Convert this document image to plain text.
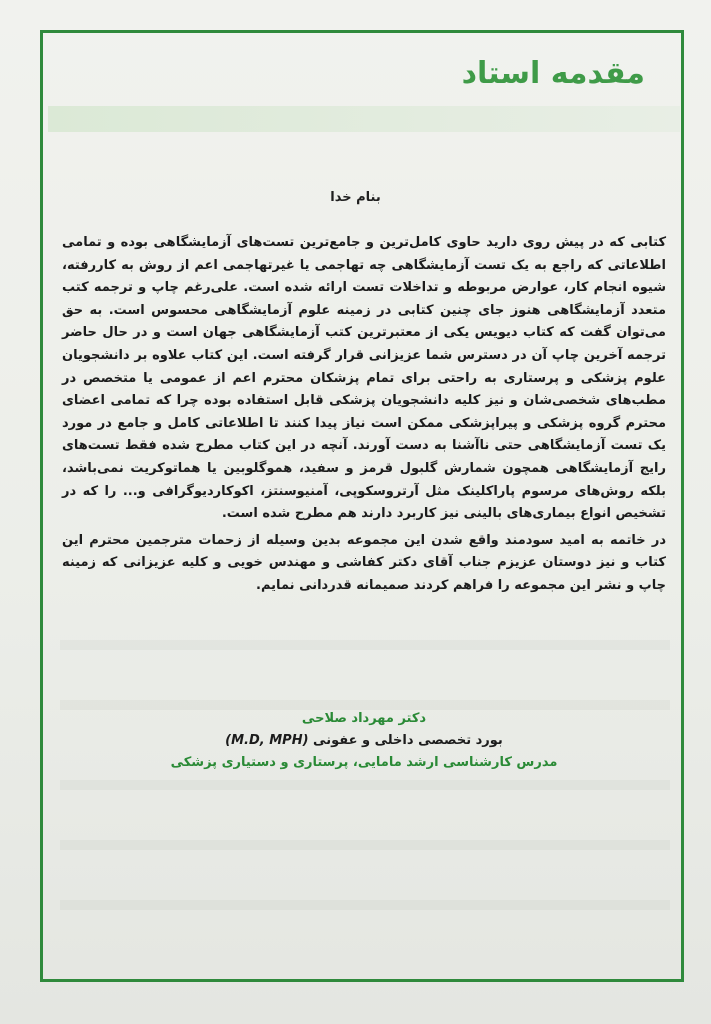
مقدمه استاد
بنام خدا

کتابی که در پیش روی دارید حاوی کامل‌ترین و جامع‌ترین تست‌های آزمایشگاهی بوده و تمامی اطلاعاتی که راجع به یک تست آزمایشگاهی چه تهاجمی یا غیرتهاجمی اعم از روش به کاررفته، شیوه انجام کار، عوارض مربوطه و تداخلات تست ارائه شده است. علی‌رغم چاپ و ترجمه کتب متعدد آزمایشگاهی هنوز جای چنین کتابی در زمینه علوم آزمایشگاهی محسوس است. به حق می‌توان گفت که کتاب دیویس یکی از معتبرترین کتب آزمایشگاهی جهان است و در حال حاضر ترجمه آخرین چاپ آن در دسترس شما عزیزانی قرار گرفته است. این کتاب علاوه بر دانشجویان علوم پزشکی و پرستاری به راحتی برای تمام پزشکان محترم اعم از عمومی یا متخصص در مطب‌های شخصی‌شان و نیز کلیه دانشجویان پزشکی قابل استفاده بوده چرا که تمامی اعضای محترم گروه پزشکی و پیراپزشکی ممکن است نیاز پیدا کنند تا اطلاعاتی کامل و جامع در مورد یک تست آزمایشگاهی حتی ناآشنا به دست آورند. آنچه در این کتاب مطرح شده فقط تست‌های رایج آزمایشگاهی همچون شمارش گلبول قرمز و سفید، هموگلوبین یا هماتوکریت نمی‌باشد، بلکه روش‌های مرسوم پاراکلینک مثل آرتروسکوپی، آمنیوسنتز، اکوکاردیوگرافی و... را که در تشخیص انواع بیماری‌های بالینی نیز کاربرد دارند هم مطرح شده است.

در خاتمه به امید سودمند واقع شدن این مجموعه بدین وسیله از زحمات مترجمین محترم این کتاب و نیز دوستان عزیزم جناب آقای دکتر کفاشی و مهندس خویی و کلیه عزیزانی که زمینه چاپ و نشر این مجموعه را فراهم کردند صمیمانه قدردانی نمایم.

دکتر مهرداد صلاحی
بورد تخصصی داخلی و عفونی (M.D, MPH)
مدرس کارشناسی ارشد مامایی، پرستاری و دستیاری پزشکی
